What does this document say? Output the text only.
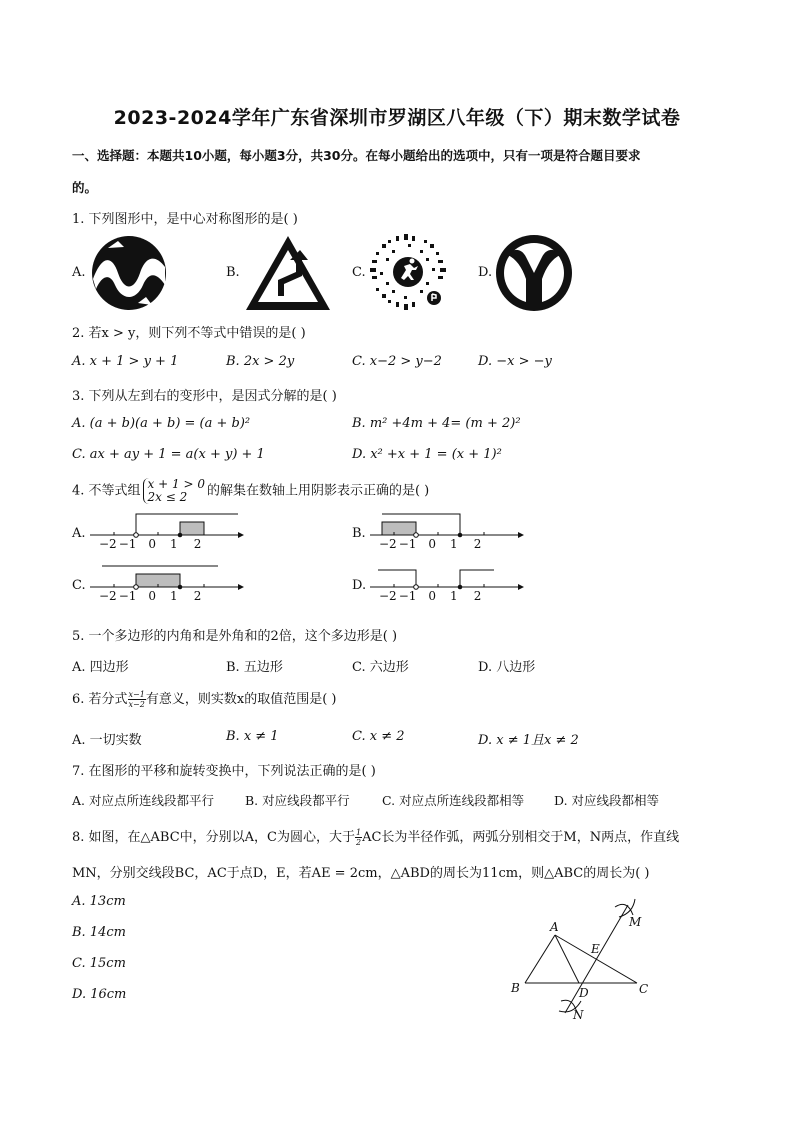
2023-2024学年广东省深圳市罗湖区八年级（下）期末数学试卷
一、选择题：本题共10小题，每小题3分，共30分。在每小题给出的选项中，只有一项是符合题目要求
的。
1. 下列图形中，是中心对称图形的是( )
A.	B.	C.	D.
2. 若x > y，则下列不等式中错误的是( )
A. x + 1 > y + 1	B. 2x > 2y	C. x−2 > y−2	D. −x > −y
3. 下列从左到右的变形中，是因式分解的是( )
A. (a + b)(a + b) = (a + b)²	B. m² +4m + 4= (m + 2)²
C. ax + ay + 1 = a(x + y) + 1	D. x² +x + 1 = (x + 1)²
4. 不等式组 x + 1 > 0
2x ≤ 2	的解集在数轴上用阴影表示正确的是( )
A.	B.
C.	D.
−2 −1 0 1 2	−2 −1 0 1 2
−2 −1 0 1 2	−2 −1 0 1 2
5. 一个多边形的内角和是外角和的2倍，这个多边形是( )
A. 四边形	B. 五边形	C. 六边形	D. 八边形
6. 若分式 $\frac{x-1}{x-2}$ 有意义，则实数x的取值范围是( )
A. 一切实数	B. x ≠ 1	C. x ≠ 2	D. x ≠ 1且x ≠ 2
7. 在图形的平移和旋转变换中，下列说法正确的是( )
A. 对应点所连线段都平行 B. 对应线段都平行	C. 对应点所连线段都相等 D. 对应线段都相等
8. 如图，在△ABC中，分别以A，C为圆心，大于 $\frac{1}{2}$ AC长为半径作弧，两弧分别相交于M，N两点，作直线
MN，分别交线段BC，AC于点D，E，若AE = 2cm，△ABD的周长为11cm，则△ABC的周长为( )
A. 13cm
B. 14cm
C. 15cm
D. 16cm
A
B	C
D
E
M
N
